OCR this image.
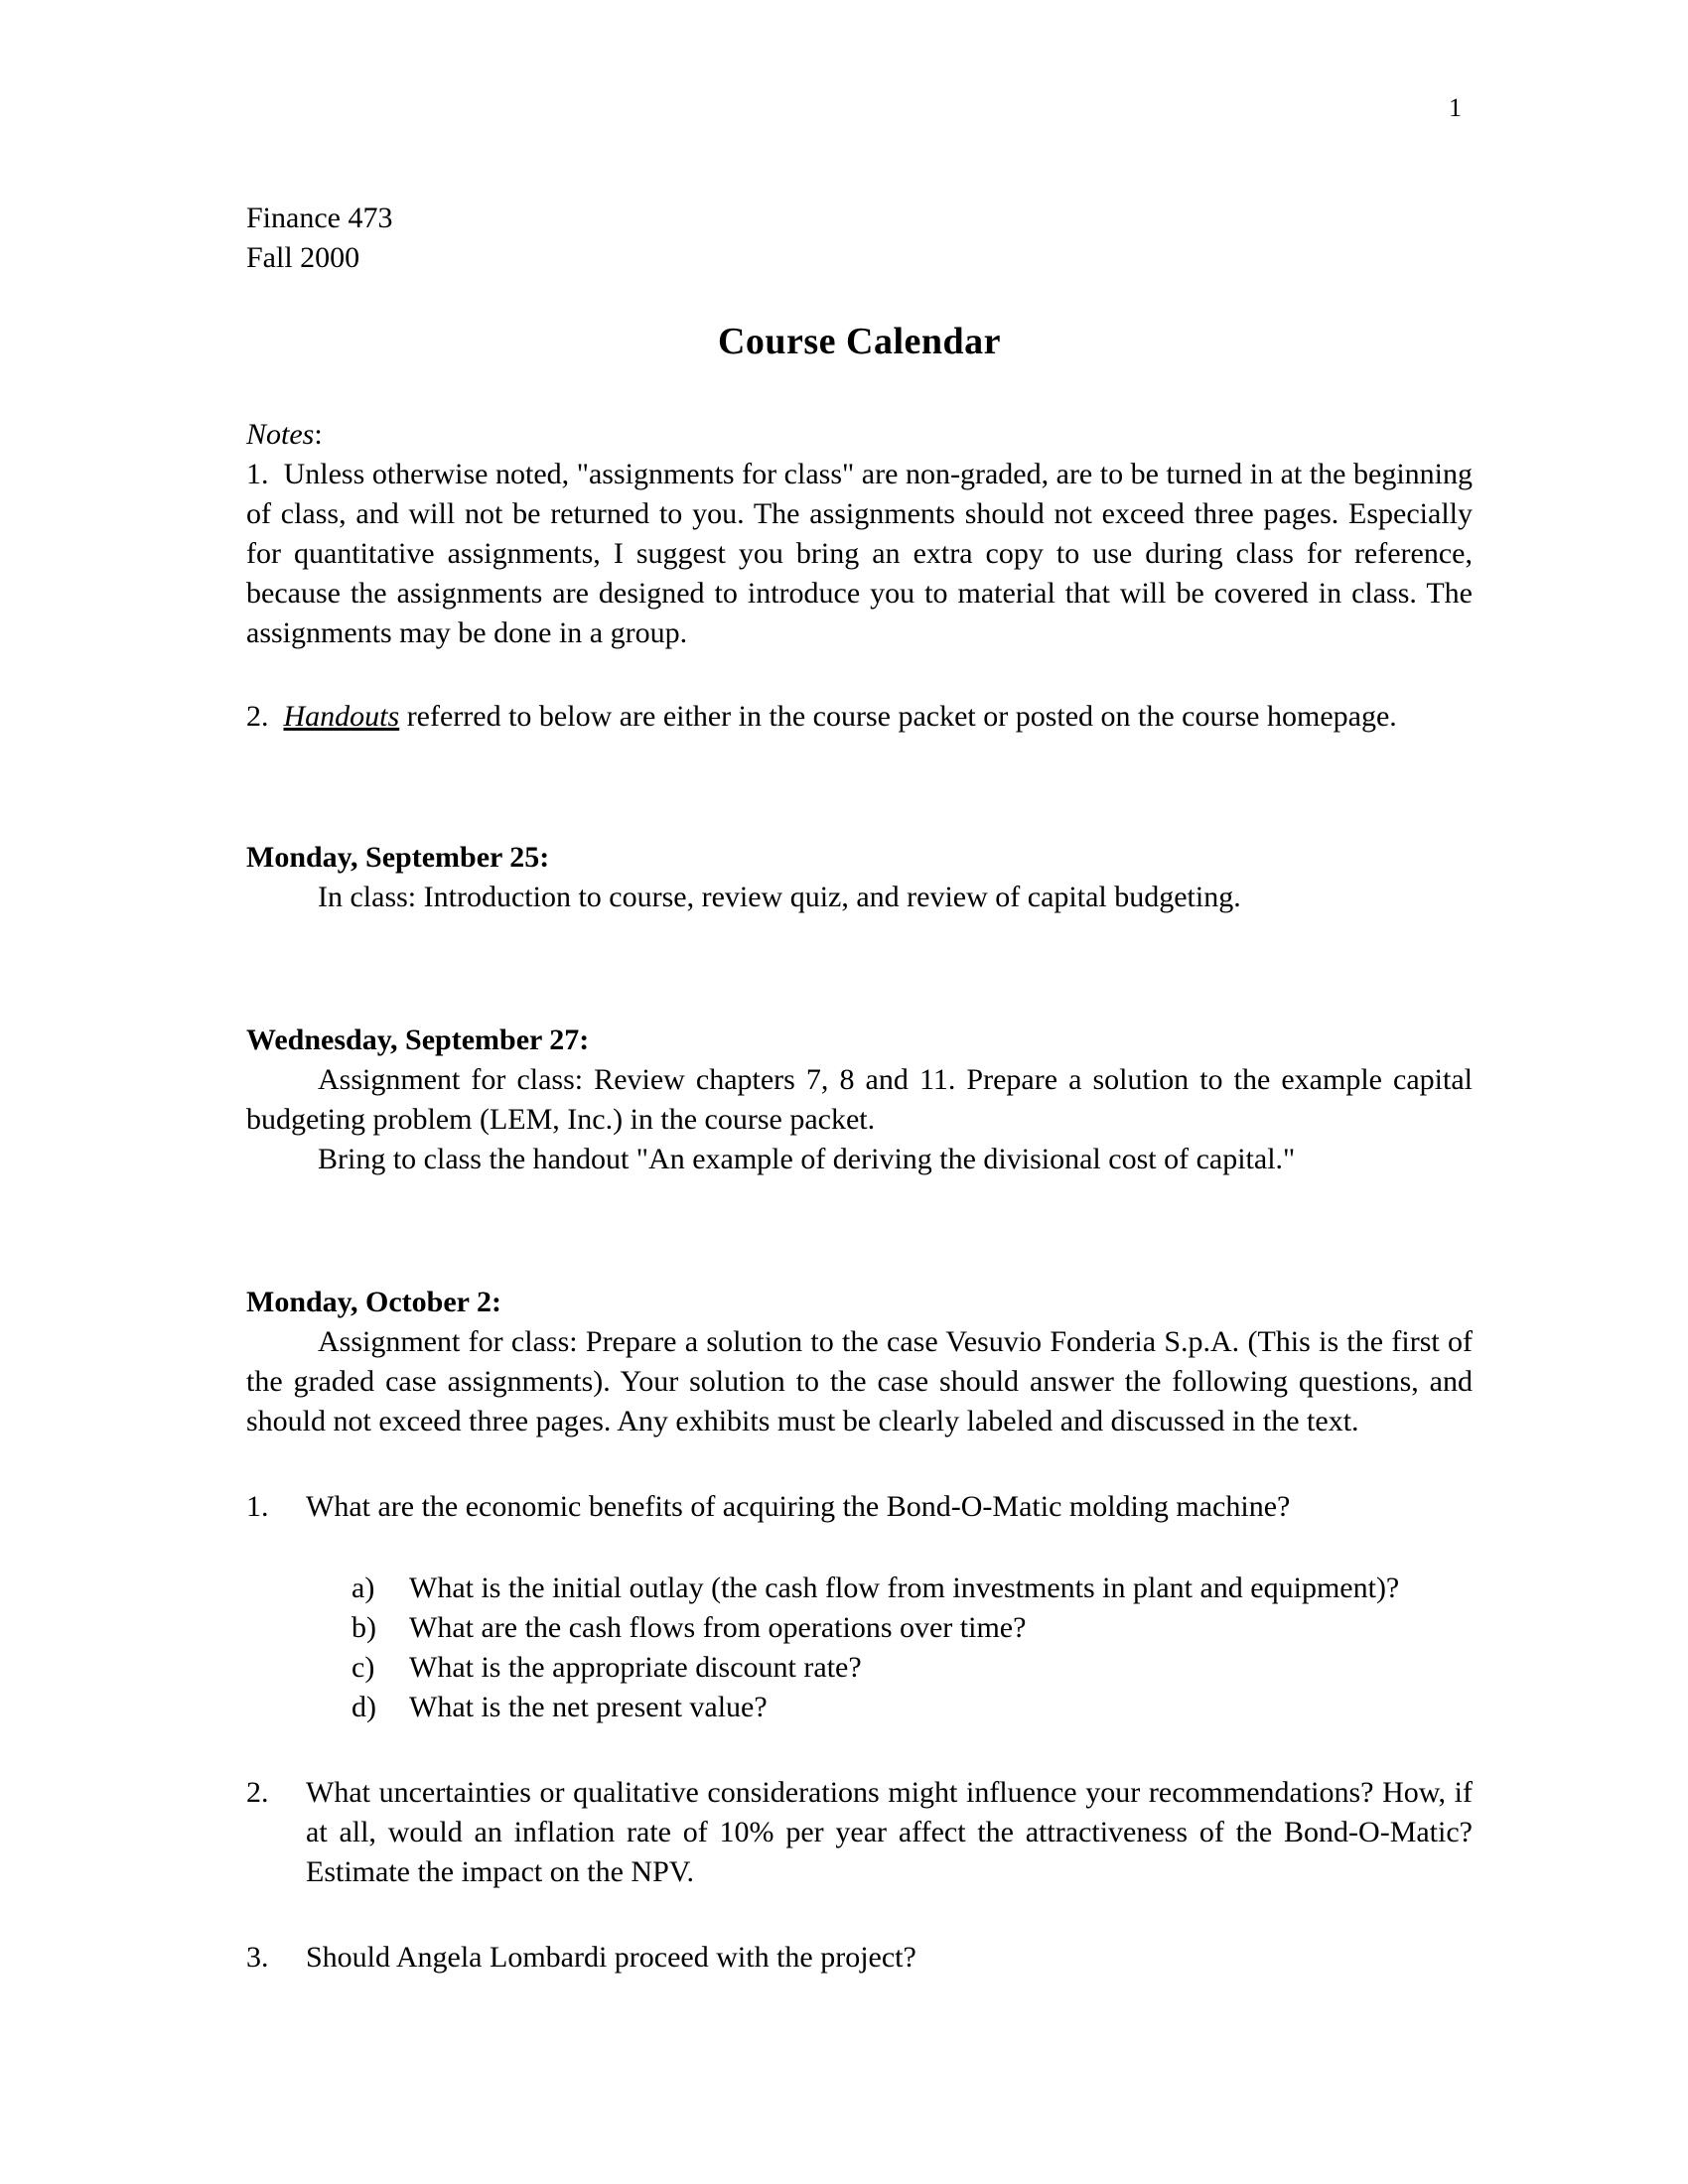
1
Finance 473
Fall 2000
Course Calendar
Notes:

1. Unless otherwise noted, "assignments for class" are non-graded, are to be turned in at the beginning of class, and will not be returned to you. The assignments should not exceed three pages. Especially for quantitative assignments, I suggest you bring an extra copy to use during class for reference, because the assignments are designed to introduce you to material that will be covered in class. The assignments may be done in a group.

2. Handouts referred to below are either in the course packet or posted on the course homepage.

Monday, September 25:

In class: Introduction to course, review quiz, and review of capital budgeting.

Wednesday, September 27:

Assignment for class: Review chapters 7, 8 and 11. Prepare a solution to the example capital budgeting problem (LEM, Inc.) in the course packet.

Bring to class the handout "An example of deriving the divisional cost of capital."

Monday, October 2:

Assignment for class: Prepare a solution to the case Vesuvio Fonderia S.p.A. (This is the first of the graded case assignments). Your solution to the case should answer the following questions, and should not exceed three pages. Any exhibits must be clearly labeled and discussed in the text.

1. What are the economic benefits of acquiring the Bond-O-Matic molding machine?
a) What is the initial outlay (the cash flow from investments in plant and equipment)?
b) What are the cash flows from operations over time?
c) What is the appropriate discount rate?
d) What is the net present value?
2. What uncertainties or qualitative considerations might influence your recommendations? How, if at all, would an inflation rate of 10% per year affect the attractiveness of the Bond-O-Matic? Estimate the impact on the NPV.
3. Should Angela Lombardi proceed with the project?
